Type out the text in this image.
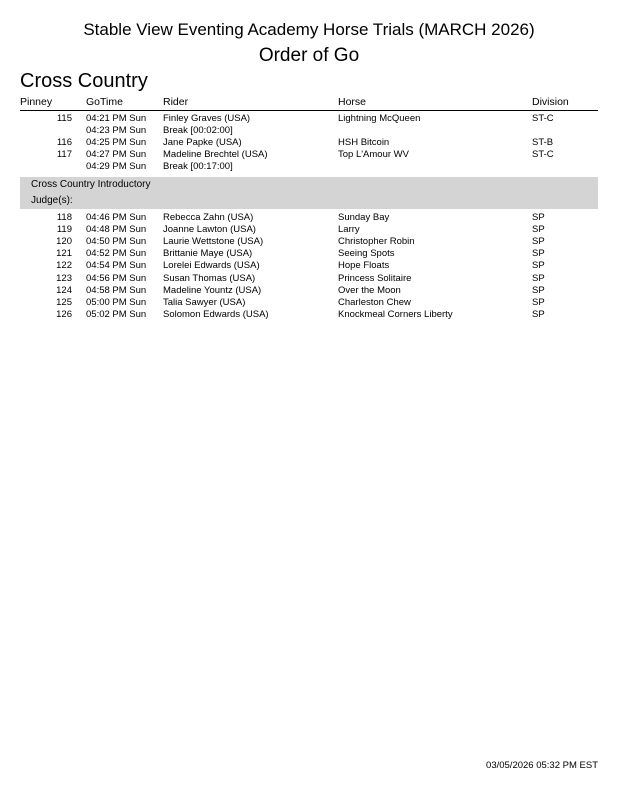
Stable View Eventing Academy Horse Trials (MARCH 2026)
Order of Go
Cross Country
Pinney	GoTime	Rider	Horse	Division
115 04:21 PM Sun Finley Graves (USA)	Lightning McQueen	ST-C
04:23 PM Sun Break [00:02:00]
116 04:25 PM Sun Jane Papke (USA)	HSH Bitcoin	ST-B
117 04:27 PM Sun Madeline Brechtel (USA)	Top L'Amour WV	ST-C
04:29 PM Sun Break [00:17:00]
Cross Country Introductory
Judge(s):
118 04:46 PM Sun Rebecca Zahn (USA)	Sunday Bay	SP
119 04:48 PM Sun Joanne Lawton (USA)	Larry	SP
120 04:50 PM Sun Laurie Wettstone (USA)	Christopher Robin	SP
121 04:52 PM Sun Brittanie Maye (USA)	Seeing Spots	SP
122 04:54 PM Sun Lorelei Edwards (USA)	Hope Floats	SP
123 04:56 PM Sun Susan Thomas (USA)	Princess Solitaire	SP
124 04:58 PM Sun Madeline Yountz (USA)	Over the Moon	SP
125 05:00 PM Sun Talia Sawyer (USA)	Charleston Chew	SP
126 05:02 PM Sun Solomon Edwards (USA)	Knockmeal Corners Liberty	SP
03/05/2026 05:32 PM EST
